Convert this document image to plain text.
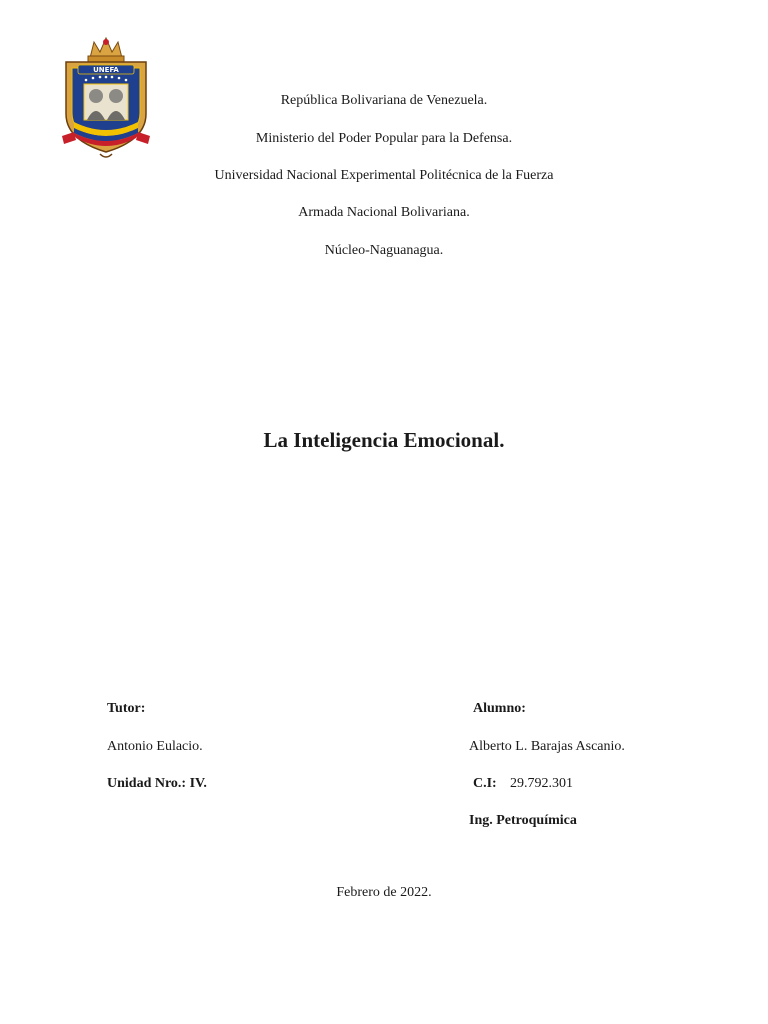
UNEFA
República Bolivariana de Venezuela.
Ministerio del Poder Popular para la Defensa.
Universidad Nacional Experimental Politécnica de la Fuerza
Armada Nacional Bolivariana.
Núcleo-Naguanagua.
La Inteligencia Emocional.
Tutor:
Antonio Eulacio.
Unidad Nro.: IV.
Alumno:
Alberto L. Barajas Ascanio.
C.I: 29.792.301
Ing. Petroquímica
Febrero de 2022.
